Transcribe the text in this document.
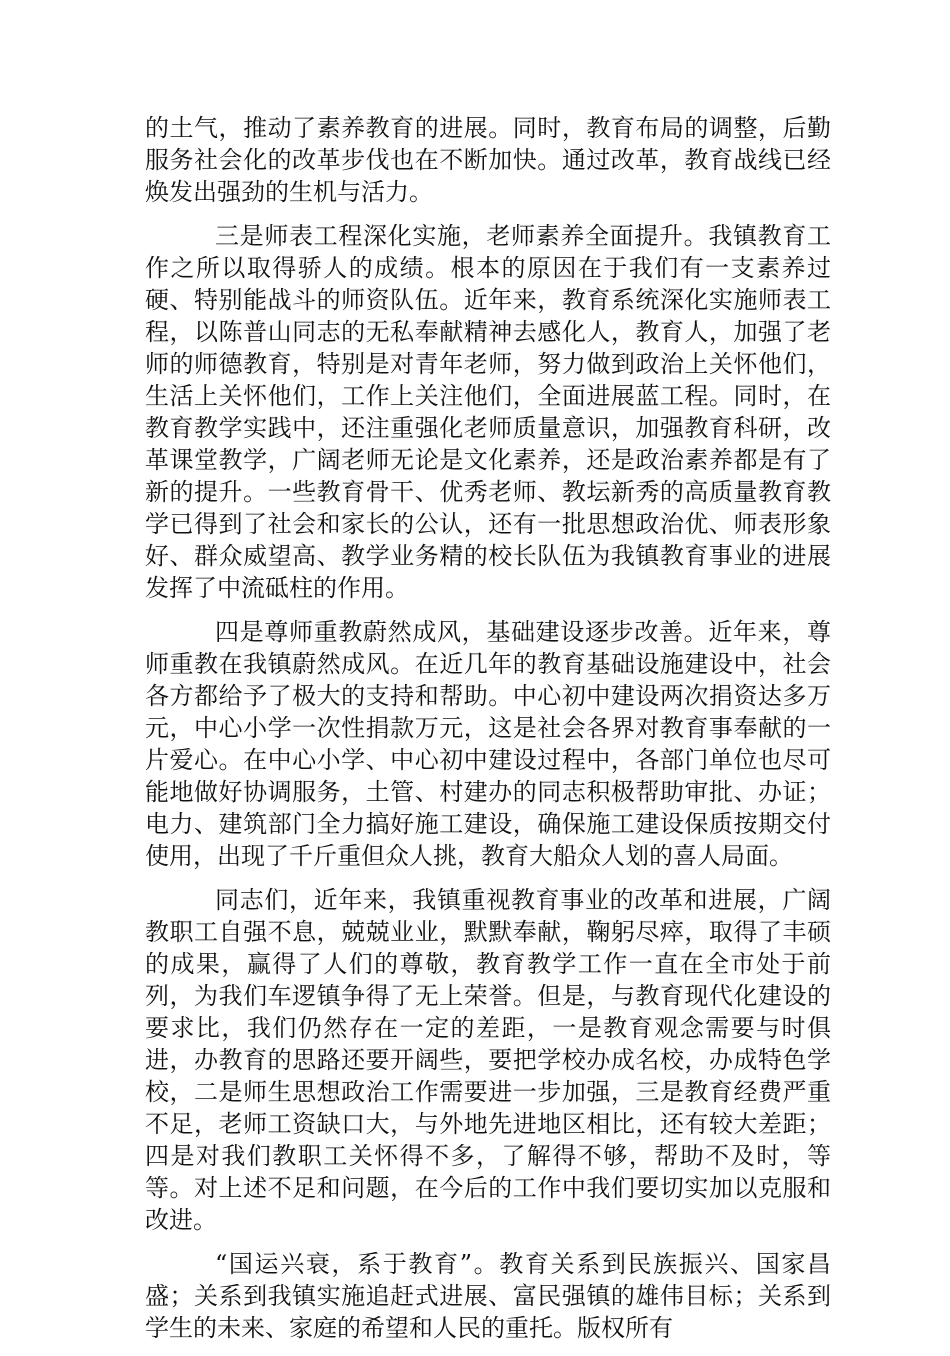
的土气，推动了素养教育的进展。同时，教育布局的调整，后勤服务社会化的改革步伐也在不断加快。通过改革，教育战线已经焕发出强劲的生机与活力。

三是师表工程深化实施，老师素养全面提升。我镇教育工作之所以取得骄人的成绩。根本的原因在于我们有一支素养过硬、特别能战斗的师资队伍。近年来，教育系统深化实施师表工程，以陈普山同志的无私奉献精神去感化人，教育人，加强了老师的师德教育，特别是对青年老师，努力做到政治上关怀他们，生活上关怀他们，工作上关注他们，全面进展蓝工程。同时，在教育教学实践中，还注重强化老师质量意识，加强教育科研，改革课堂教学，广阔老师无论是文化素养，还是政治素养都是有了新的提升。一些教育骨干、优秀老师、教坛新秀的高质量教育教学已得到了社会和家长的公认，还有一批思想政治优、师表形象好、群众威望高、教学业务精的校长队伍为我镇教育事业的进展发挥了中流砥柱的作用。

四是尊师重教蔚然成风，基础建设逐步改善。近年来，尊师重教在我镇蔚然成风。在近几年的教育基础设施建设中，社会各方都给予了极大的支持和帮助。中心初中建设两次捐资达多万元，中心小学一次性捐款万元，这是社会各界对教育事奉献的一片爱心。在中心小学、中心初中建设过程中，各部门单位也尽可能地做好协调服务，土管、村建办的同志积极帮助审批、办证；电力、建筑部门全力搞好施工建设，确保施工建设保质按期交付使用，出现了千斤重但众人挑，教育大船众人划的喜人局面。

同志们，近年来，我镇重视教育事业的改革和进展，广阔教职工自强不息，兢兢业业，默默奉献，鞠躬尽瘁，取得了丰硕的成果，赢得了人们的尊敬，教育教学工作一直在全市处于前列，为我们车逻镇争得了无上荣誉。但是，与教育现代化建设的要求比，我们仍然存在一定的差距，一是教育观念需要与时俱进，办教育的思路还要开阔些，要把学校办成名校，办成特色学校，二是师生思想政治工作需要进一步加强，三是教育经费严重不足，老师工资缺口大，与外地先进地区相比，还有较大差距；四是对我们教职工关怀得不多，了解得不够，帮助不及时，等等。对上述不足和问题，在今后的工作中我们要切实加以克服和改进。

“国运兴衰，系于教育”。教育关系到民族振兴、国家昌盛；关系到我镇实施追赶式进展、富民强镇的雄伟目标；关系到学生的未来、家庭的希望和人民的重托。版权所有
